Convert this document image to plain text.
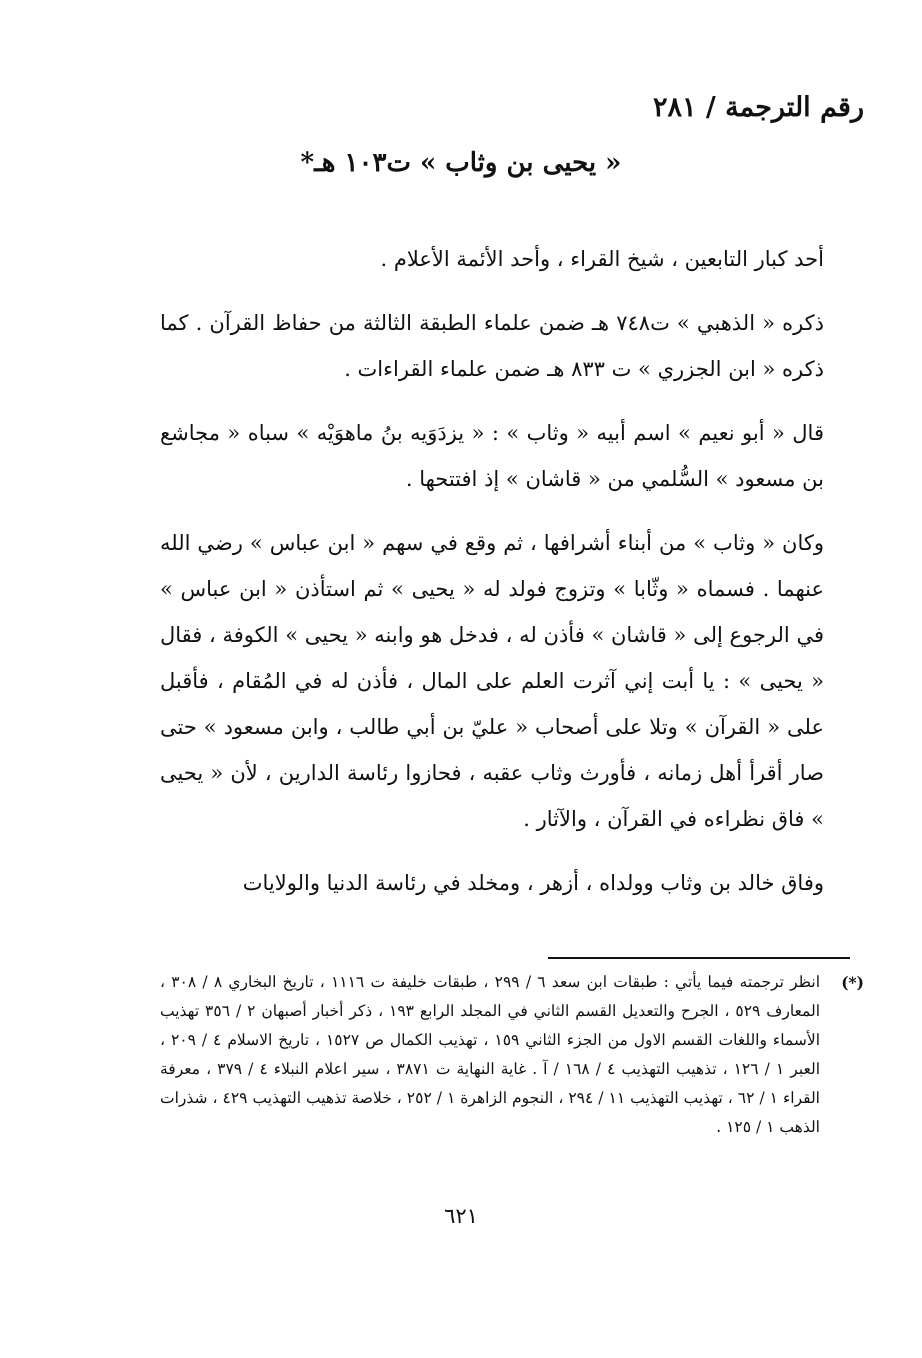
رقم الترجمة / ٢٨١
« يحيى بن وثاب » ت١٠٣ هـ*

أحد كبار التابعين ، شيخ القراء ، وأحد الأئمة الأعلام .

ذكره « الذهبي » ت٧٤٨ هـ ضمن علماء الطبقة الثالثة من حفاظ القرآن . كما ذكره « ابن الجزري » ت ٨٣٣ هـ ضمن علماء القراءات .

قال « أبو نعيم » اسم أبيه « وثاب » : « يزدَوَيه بنُ ماهوَيْه » سباه « مجاشع بن مسعود » السُّلمي من « قاشان » إذ افتتحها .

وكان « وثاب » من أبناء أشرافها ، ثم وقع في سهم « ابن عباس » رضي الله عنهما . فسماه « وثّابا » وتزوج فولد له « يحيى » ثم استأذن « ابن عباس » في الرجوع إلى « قاشان » فأذن له ، فدخل هو وابنه « يحيى » الكوفة ، فقال « يحيى » : يا أبت إني آثرت العلم على المال ، فأذن له في المُقام ، فأقبل على « القرآن » وتلا على أصحاب « عليّ بن أبي طالب ، وابن مسعود » حتى صار أقرأ أهل زمانه ، فأورث وثاب عقبه ، فحازوا رئاسة الدارين ، لأن « يحيى » فاق نظراءه في القرآن ، والآثار .

وفاق خالد بن وثاب وولداه ، أزهر ، ومخلد في رئاسة الدنيا والولايات

(*)
انظر ترجمته فيما يأتي : طبقات ابن سعد ٦ / ٢٩٩ ، طبقات خليفة ت ١١١٦ ، تاريخ البخاري ٨ / ٣٠٨ ، المعارف ٥٢٩ ، الجرح والتعديل القسم الثاني في المجلد الرابع ١٩٣ ، ذكر أخبار أصبهان ٢ / ٣٥٦ تهذيب الأسماء واللغات القسم الاول من الجزء الثاني ١٥٩ ، تهذيب الكمال ص ١٥٢٧ ، تاريخ الاسلام ٤ / ٢٠٩ ، العبر ١ / ١٢٦ ، تذهيب التهذيب ٤ / ١٦٨ / آ . غاية النهاية ت ٣٨٧١ ، سير اعلام النبلاء ٤ / ٣٧٩ ، معرفة القراء ١ / ٦٢ ، تهذيب التهذيب ١١ / ٢٩٤ ، النجوم الزاهرة ١ / ٢٥٢ ، خلاصة تذهيب التهذيب ٤٢٩ ، شذرات الذهب ١ / ١٢٥ .
٦٢١
